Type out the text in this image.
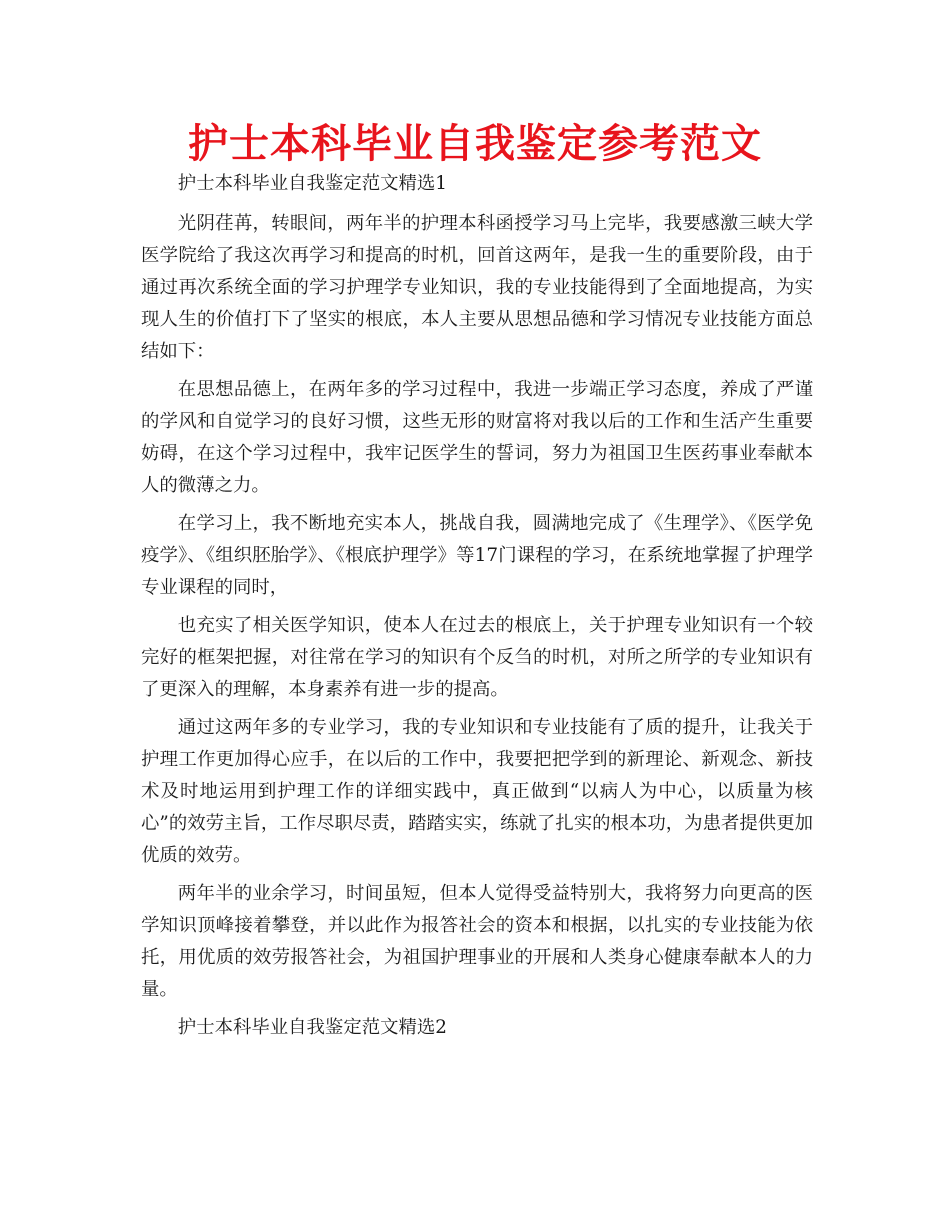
护士本科毕业自我鉴定参考范文

护士本科毕业自我鉴定范文精选1

光阴荏苒，转眼间，两年半的护理本科函授学习马上完毕，我要感激三峡大学医学院给了我这次再学习和提高的时机，回首这两年，是我一生的重要阶段，由于通过再次系统全面的学习护理学专业知识，我的专业技能得到了全面地提高，为实现人生的价值打下了坚实的根底，本人主要从思想品德和学习情况专业技能方面总结如下：

在思想品德上，在两年多的学习过程中，我进一步端正学习态度，养成了严谨的学风和自觉学习的良好习惯，这些无形的财富将对我以后的工作和生活产生重要妨碍，在这个学习过程中，我牢记医学生的誓词，努力为祖国卫生医药事业奉献本人的微薄之力。

在学习上，我不断地充实本人，挑战自我，圆满地完成了《生理学》、《医学免疫学》、《组织胚胎学》、《根底护理学》等17门课程的学习，在系统地掌握了护理学专业课程的同时，

也充实了相关医学知识，使本人在过去的根底上，关于护理专业知识有一个较完好的框架把握，对往常在学习的知识有个反刍的时机，对所之所学的专业知识有了更深入的理解，本身素养有进一步的提高。

通过这两年多的专业学习，我的专业知识和专业技能有了质的提升，让我关于护理工作更加得心应手，在以后的工作中，我要把把学到的新理论、新观念、新技术及时地运用到护理工作的详细实践中，真正做到“以病人为中心，以质量为核心”的效劳主旨，工作尽职尽责，踏踏实实，练就了扎实的根本功，为患者提供更加优质的效劳。

两年半的业余学习，时间虽短，但本人觉得受益特别大，我将努力向更高的医学知识顶峰接着攀登，并以此作为报答社会的资本和根据，以扎实的专业技能为依托，用优质的效劳报答社会，为祖国护理事业的开展和人类身心健康奉献本人的力量。

护士本科毕业自我鉴定范文精选2
